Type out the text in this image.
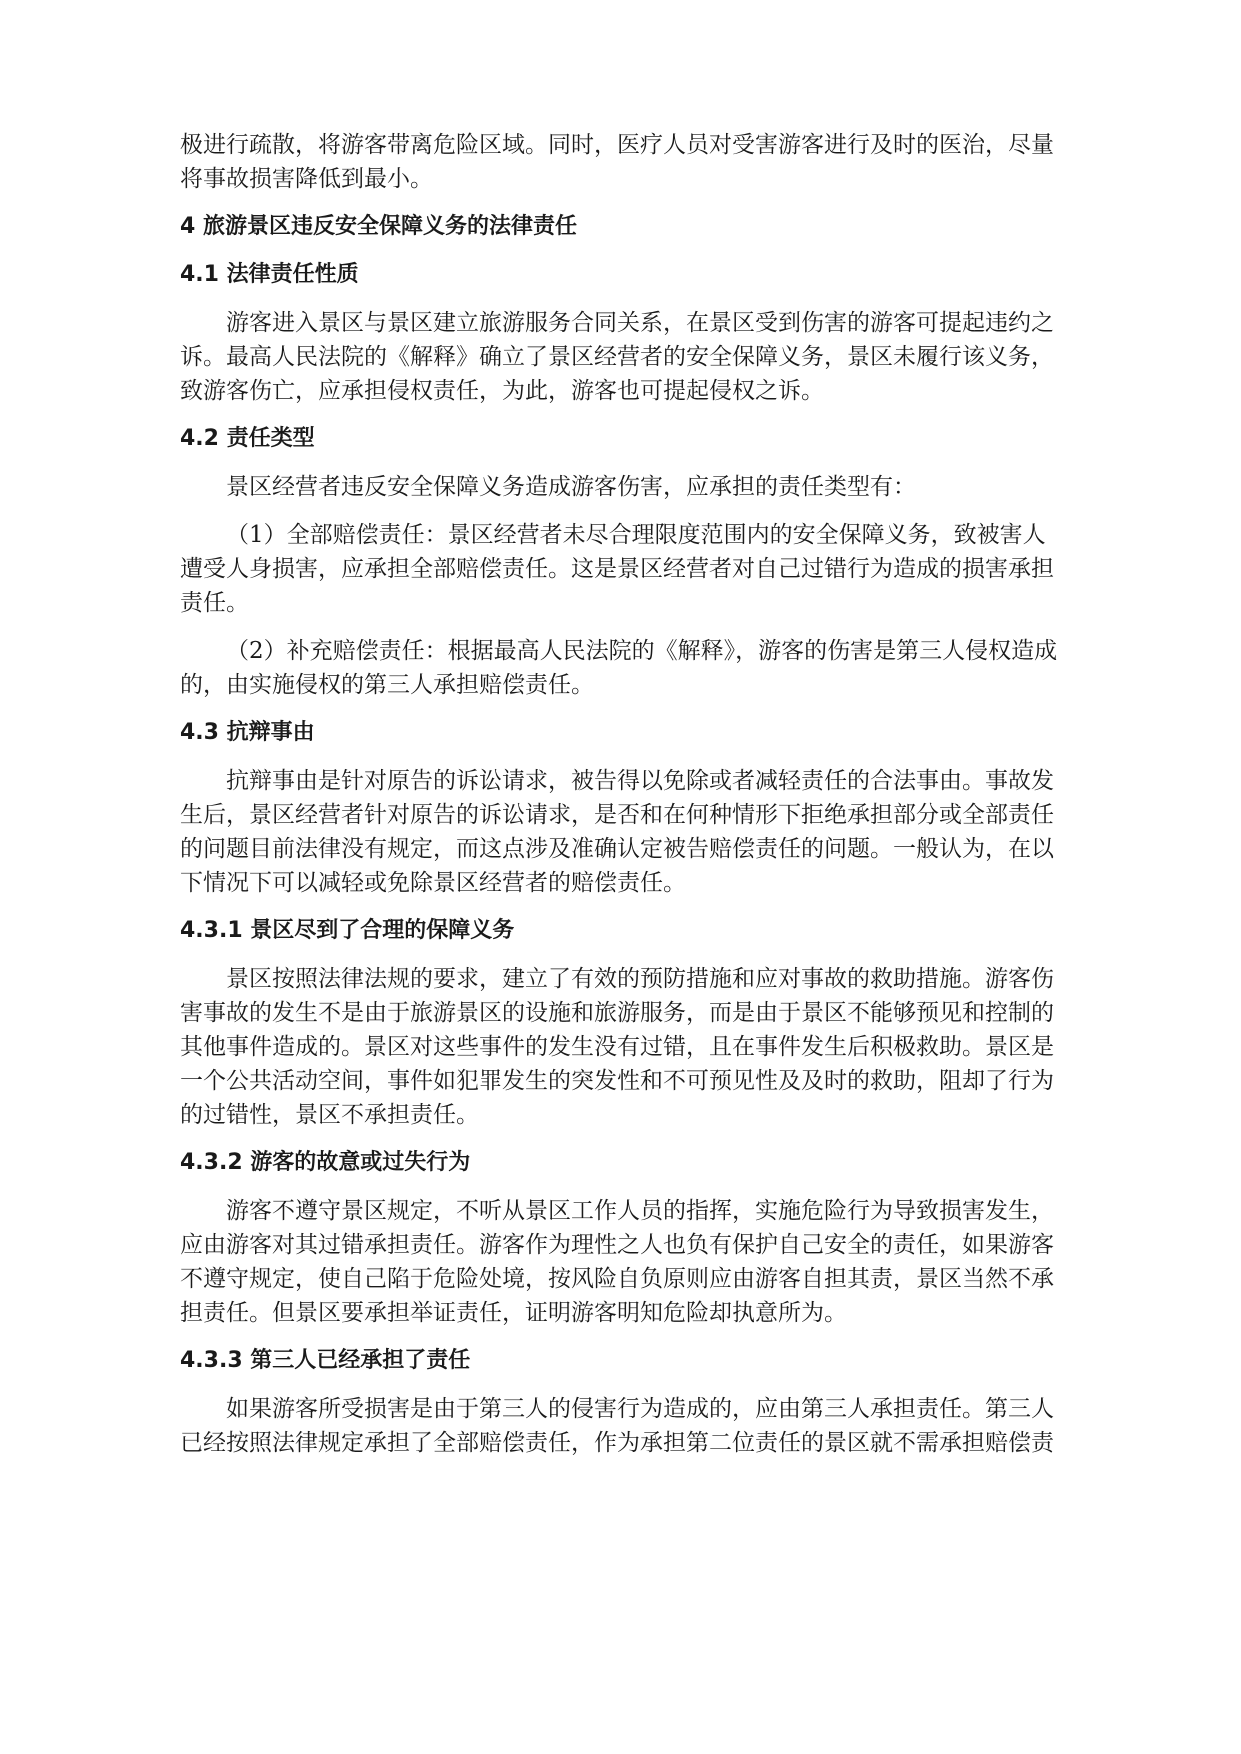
极进行疏散，将游客带离危险区域。同时，医疗人员对受害游客进行及时的医治，尽量

将事故损害降低到最小。

4 旅游景区违反安全保障义务的法律责任

4.1 法律责任性质

游客进入景区与景区建立旅游服务合同关系，在景区受到伤害的游客可提起违约之

诉。最高人民法院的《解释》确立了景区经营者的安全保障义务，景区未履行该义务，

致游客伤亡，应承担侵权责任，为此，游客也可提起侵权之诉。

4.2 责任类型

景区经营者违反安全保障义务造成游客伤害，应承担的责任类型有：

（1）全部赔偿责任：景区经营者未尽合理限度范围内的安全保障义务，致被害人

遭受人身损害，应承担全部赔偿责任。这是景区经营者对自己过错行为造成的损害承担

责任。

（2）补充赔偿责任：根据最高人民法院的《解释》，游客的伤害是第三人侵权造成

的，由实施侵权的第三人承担赔偿责任。

4.3 抗辩事由

抗辩事由是针对原告的诉讼请求，被告得以免除或者减轻责任的合法事由。事故发

生后，景区经营者针对原告的诉讼请求，是否和在何种情形下拒绝承担部分或全部责任

的问题目前法律没有规定，而这点涉及准确认定被告赔偿责任的问题。一般认为，在以

下情况下可以减轻或免除景区经营者的赔偿责任。

4.3.1 景区尽到了合理的保障义务

景区按照法律法规的要求，建立了有效的预防措施和应对事故的救助措施。游客伤

害事故的发生不是由于旅游景区的设施和旅游服务，而是由于景区不能够预见和控制的

其他事件造成的。景区对这些事件的发生没有过错，且在事件发生后积极救助。景区是

一个公共活动空间，事件如犯罪发生的突发性和不可预见性及及时的救助，阻却了行为

的过错性，景区不承担责任。

4.3.2 游客的故意或过失行为

游客不遵守景区规定，不听从景区工作人员的指挥，实施危险行为导致损害发生，

应由游客对其过错承担责任。游客作为理性之人也负有保护自己安全的责任，如果游客

不遵守规定，使自己陷于危险处境，按风险自负原则应由游客自担其责，景区当然不承

担责任。但景区要承担举证责任，证明游客明知危险却执意所为。

4.3.3 第三人已经承担了责任

如果游客所受损害是由于第三人的侵害行为造成的，应由第三人承担责任。第三人

已经按照法律规定承担了全部赔偿责任，作为承担第二位责任的景区就不需承担赔偿责
